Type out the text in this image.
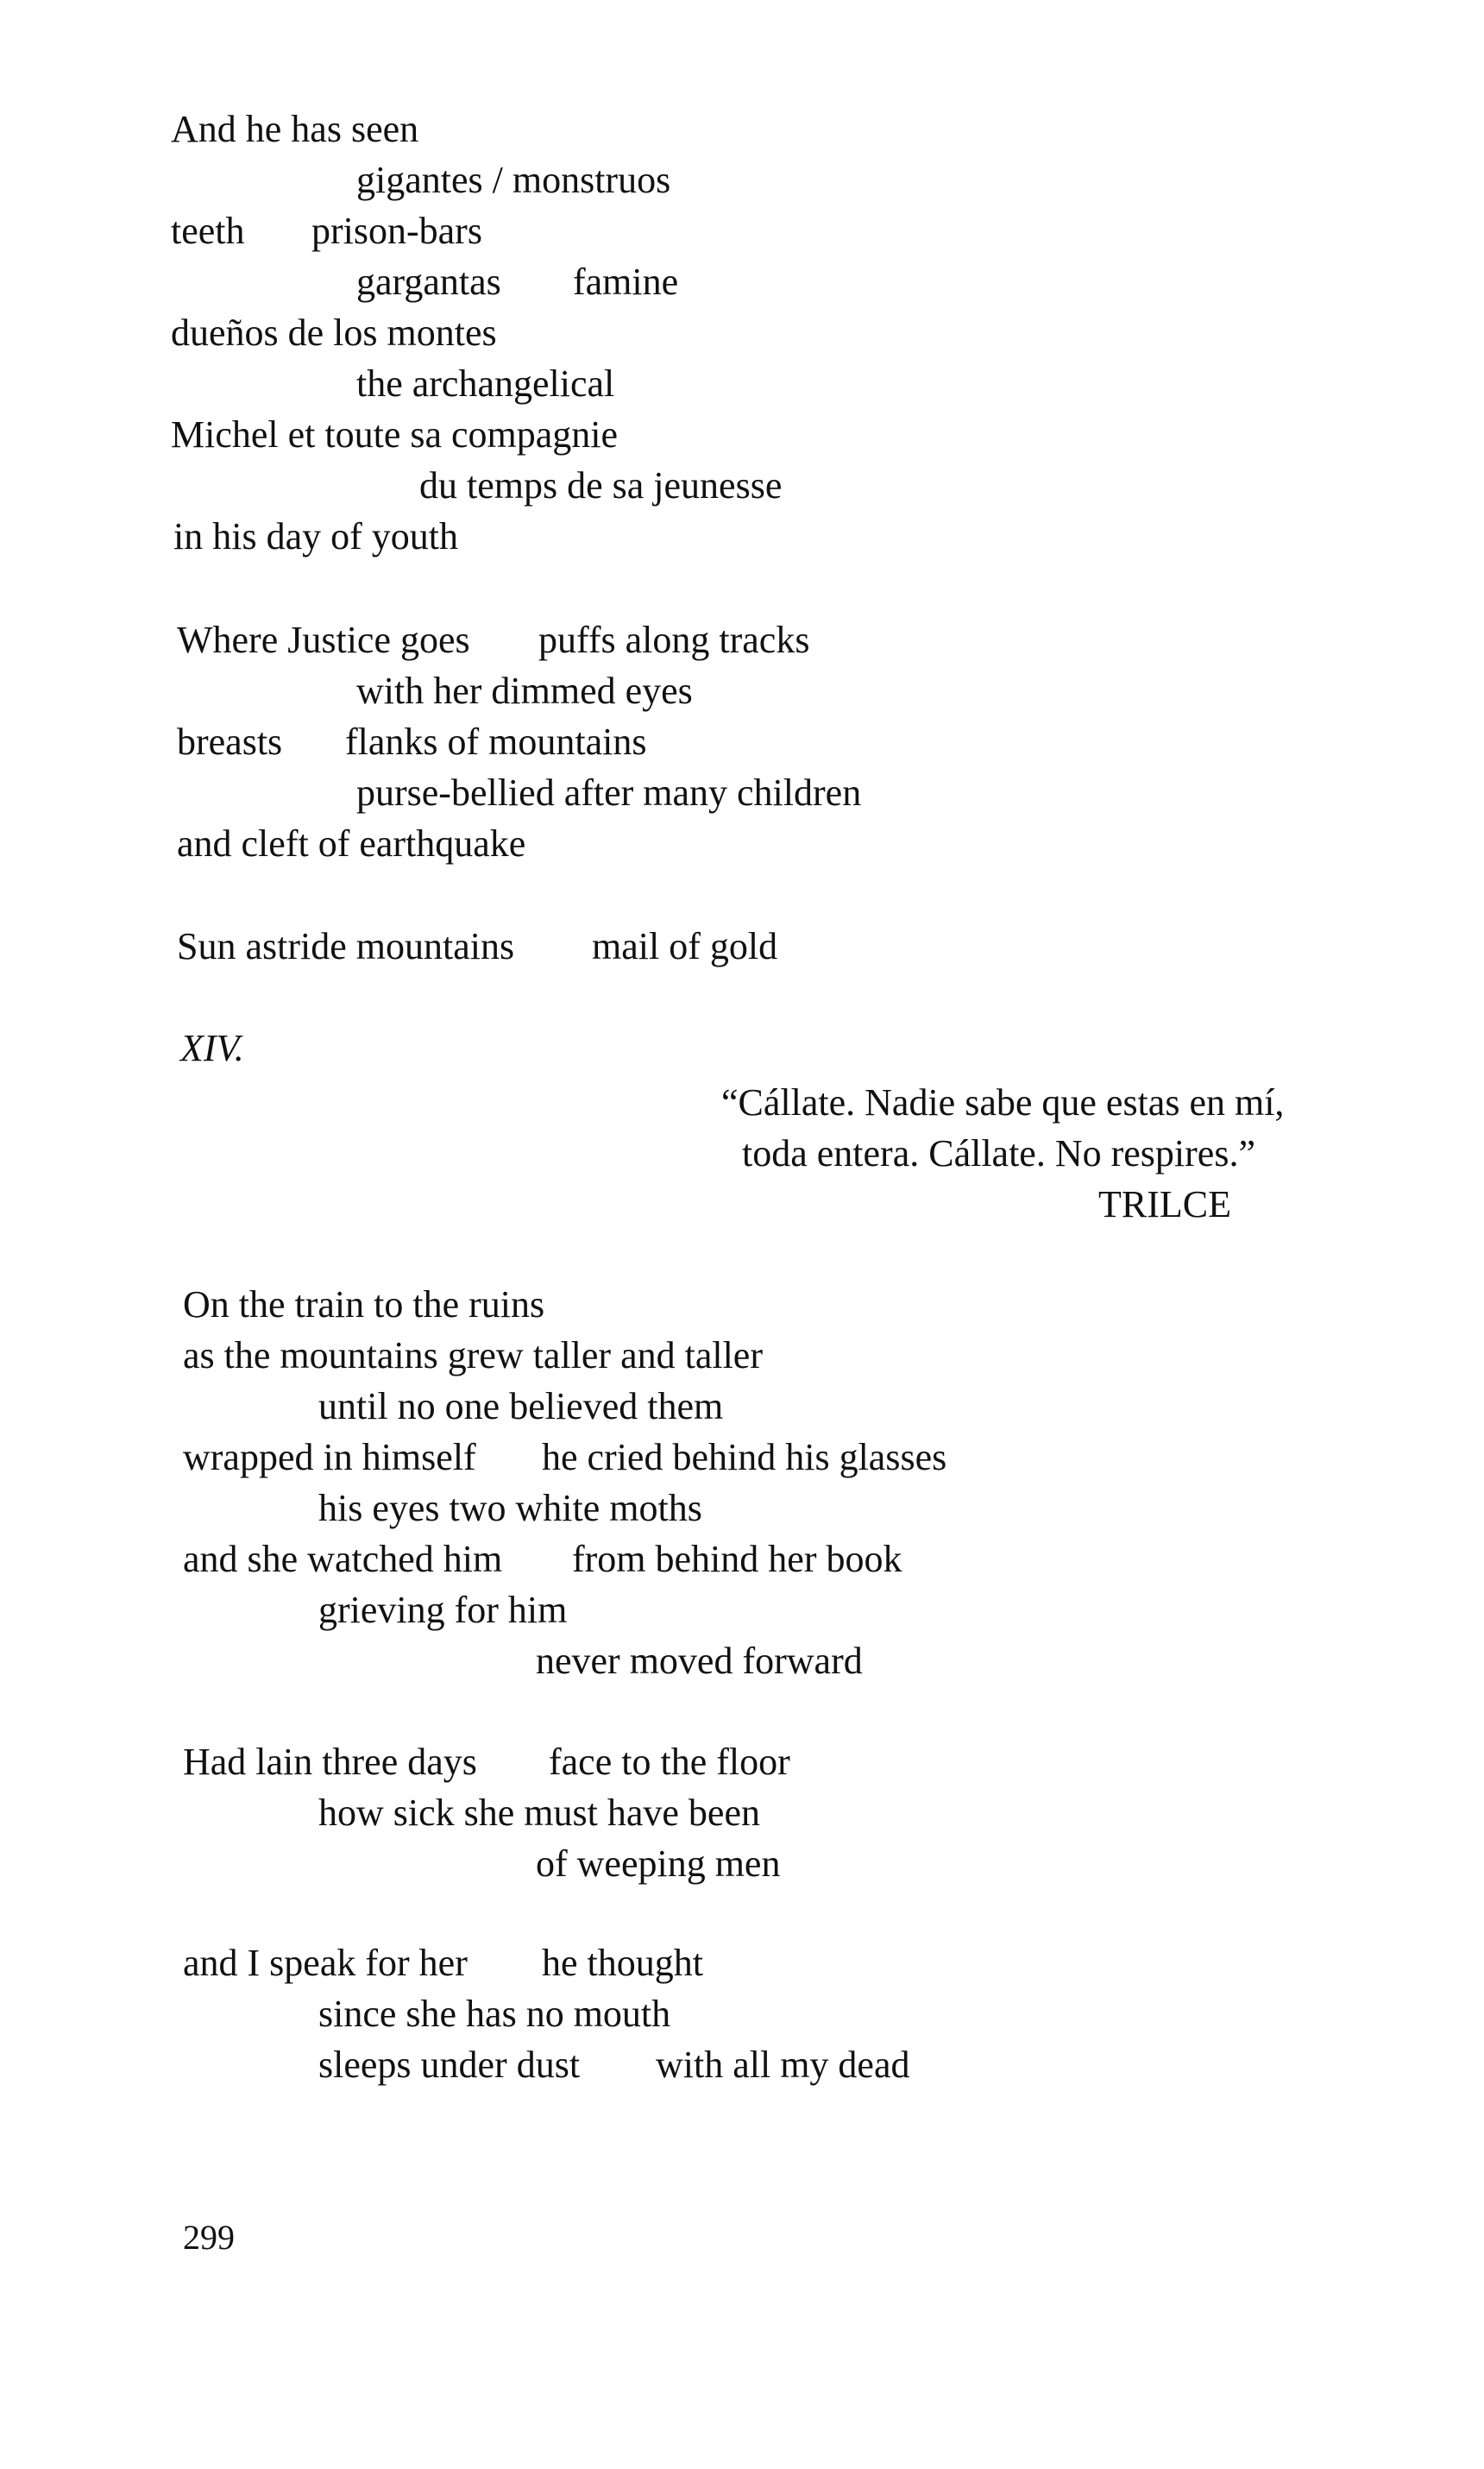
And he has seen
gigantes / monstruos
teeth prison-bars
gargantas famine
dueños de los montes
the archangelical
Michel et toute sa compagnie
du temps de sa jeunesse
in his day of youth
Where Justice goes puffs along tracks
with her dimmed eyes
breasts flanks of mountains
purse-bellied after many children
and cleft of earthquake
Sun astride mountains mail of gold
XIV.
“Cállate. Nadie sabe que estas en mí,
toda entera. Cállate. No respires.”
TRILCE
On the train to the ruins
as the mountains grew taller and taller
until no one believed them
wrapped in himself he cried behind his glasses
his eyes two white moths
and she watched him from behind her book
grieving for him
never moved forward
Had lain three days face to the floor
how sick she must have been
of weeping men
and I speak for her he thought
since she has no mouth
sleeps under dust with all my dead
299
